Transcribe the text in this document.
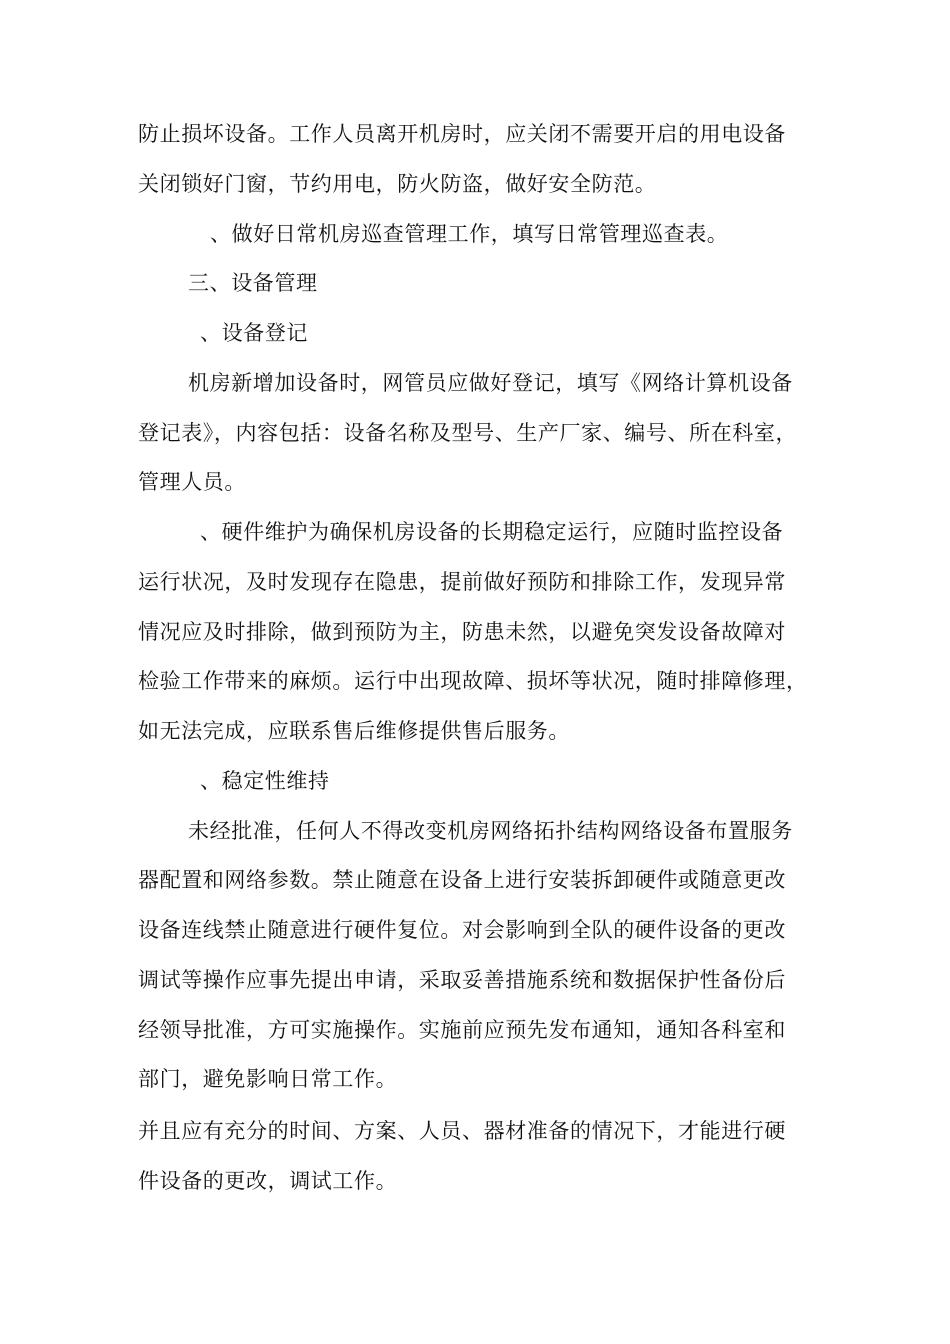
防止损坏设备。工作人员离开机房时，应关闭不需要开启的用电设备
关闭锁好门窗，节约用电，防火防盗，做好安全防范。
、做好日常机房巡查管理工作，填写日常管理巡查表。
三、设备管理
、设备登记
机房新增加设备时，网管员应做好登记，填写《网络计算机设备
登记表》，内容包括：设备名称及型号、生产厂家、编号、所在科室，
管理人员。
、硬件维护为确保机房设备的长期稳定运行，应随时监控设备
运行状况，及时发现存在隐患，提前做好预防和排除工作，发现异常
情况应及时排除，做到预防为主，防患未然，以避免突发设备故障对
检验工作带来的麻烦。运行中出现故障、损坏等状况，随时排障修理，
如无法完成，应联系售后维修提供售后服务。
、稳定性维持
未经批准，任何人不得改变机房网络拓扑结构网络设备布置服务
器配置和网络参数。禁止随意在设备上进行安装拆卸硬件或随意更改
设备连线禁止随意进行硬件复位。对会影响到全队的硬件设备的更改
调试等操作应事先提出申请，采取妥善措施系统和数据保护性备份后
经领导批准，方可实施操作。实施前应预先发布通知，通知各科室和
部门，避免影响日常工作。
并且应有充分的时间、方案、人员、器材准备的情况下，才能进行硬
件设备的更改，调试工作。
